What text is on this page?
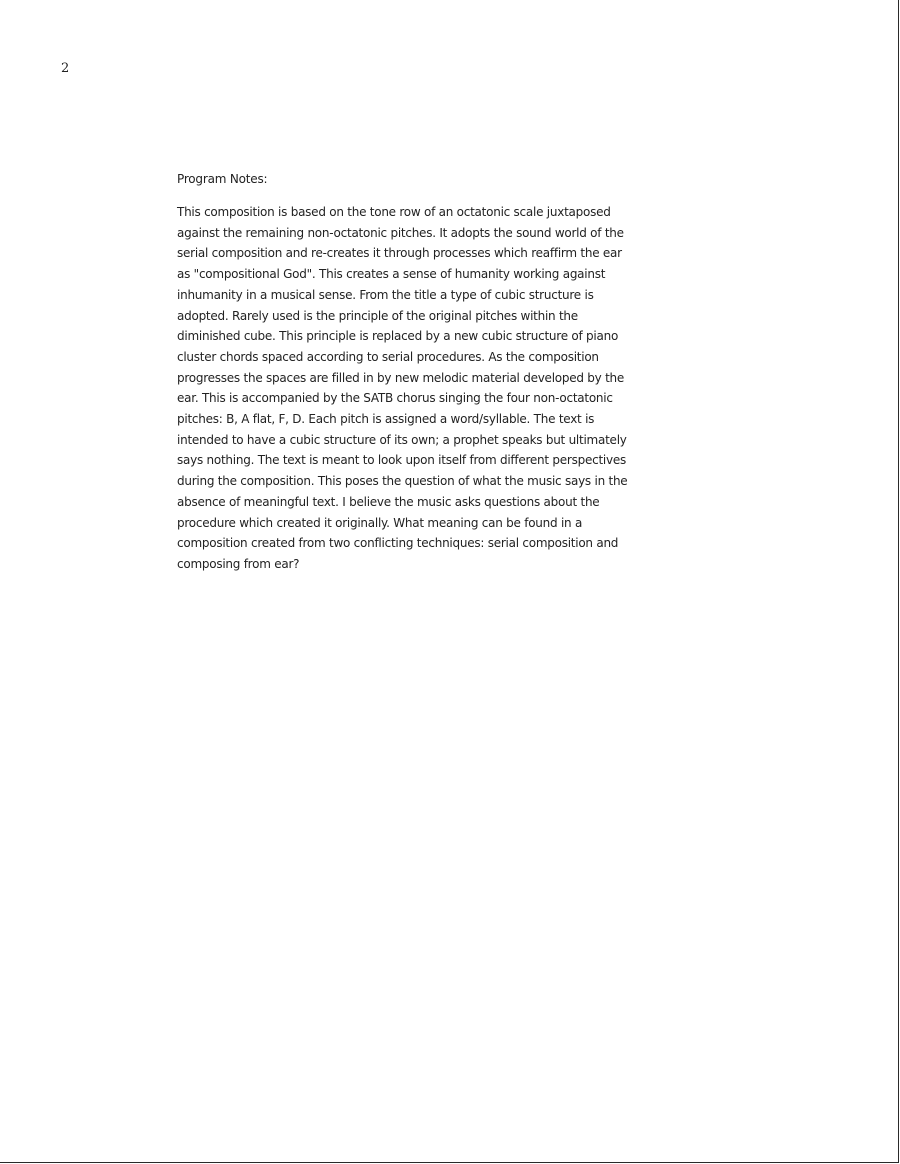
2
Program Notes:

This composition is based on the tone row of an octatonic scale juxtaposed
against the remaining non-octatonic pitches. It adopts the sound world of the
serial composition and re-creates it through processes which reaffirm the ear
as "compositional God". This creates a sense of humanity working against
inhumanity in a musical sense. From the title a type of cubic structure is
adopted. Rarely used is the principle of the original pitches within the
diminished cube. This principle is replaced by a new cubic structure of piano
cluster chords spaced according to serial procedures. As the composition
progresses the spaces are filled in by new melodic material developed by the
ear. This is accompanied by the SATB chorus singing the four non-octatonic
pitches: B, A flat, F, D. Each pitch is assigned a word/syllable. The text is
intended to have a cubic structure of its own; a prophet speaks but ultimately
says nothing. The text is meant to look upon itself from different perspectives
during the composition. This poses the question of what the music says in the
absence of meaningful text. I believe the music asks questions about the
procedure which created it originally. What meaning can be found in a
composition created from two conflicting techniques: serial composition and
composing from ear?
